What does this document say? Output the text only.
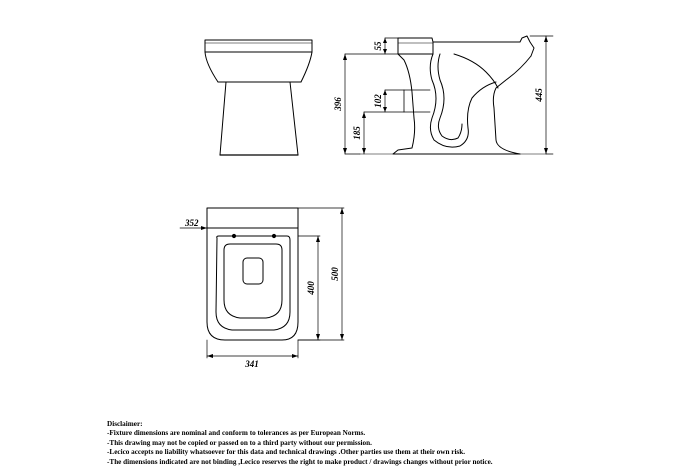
55
396	102
185
445
352
400
500
341
Disclaimer:
-Fixture dimensions are nominal and conform to tolerances as per European Norms.
-This drawing may not be copied or passed on to a third party without our permission.
-Lecico accepts no liability whatsoever for this data and technical drawings .Other parties use them at their own risk.
-The dimensions indicated are not binding ,Lecico reserves the right to make product / drawings changes without prior notice.
